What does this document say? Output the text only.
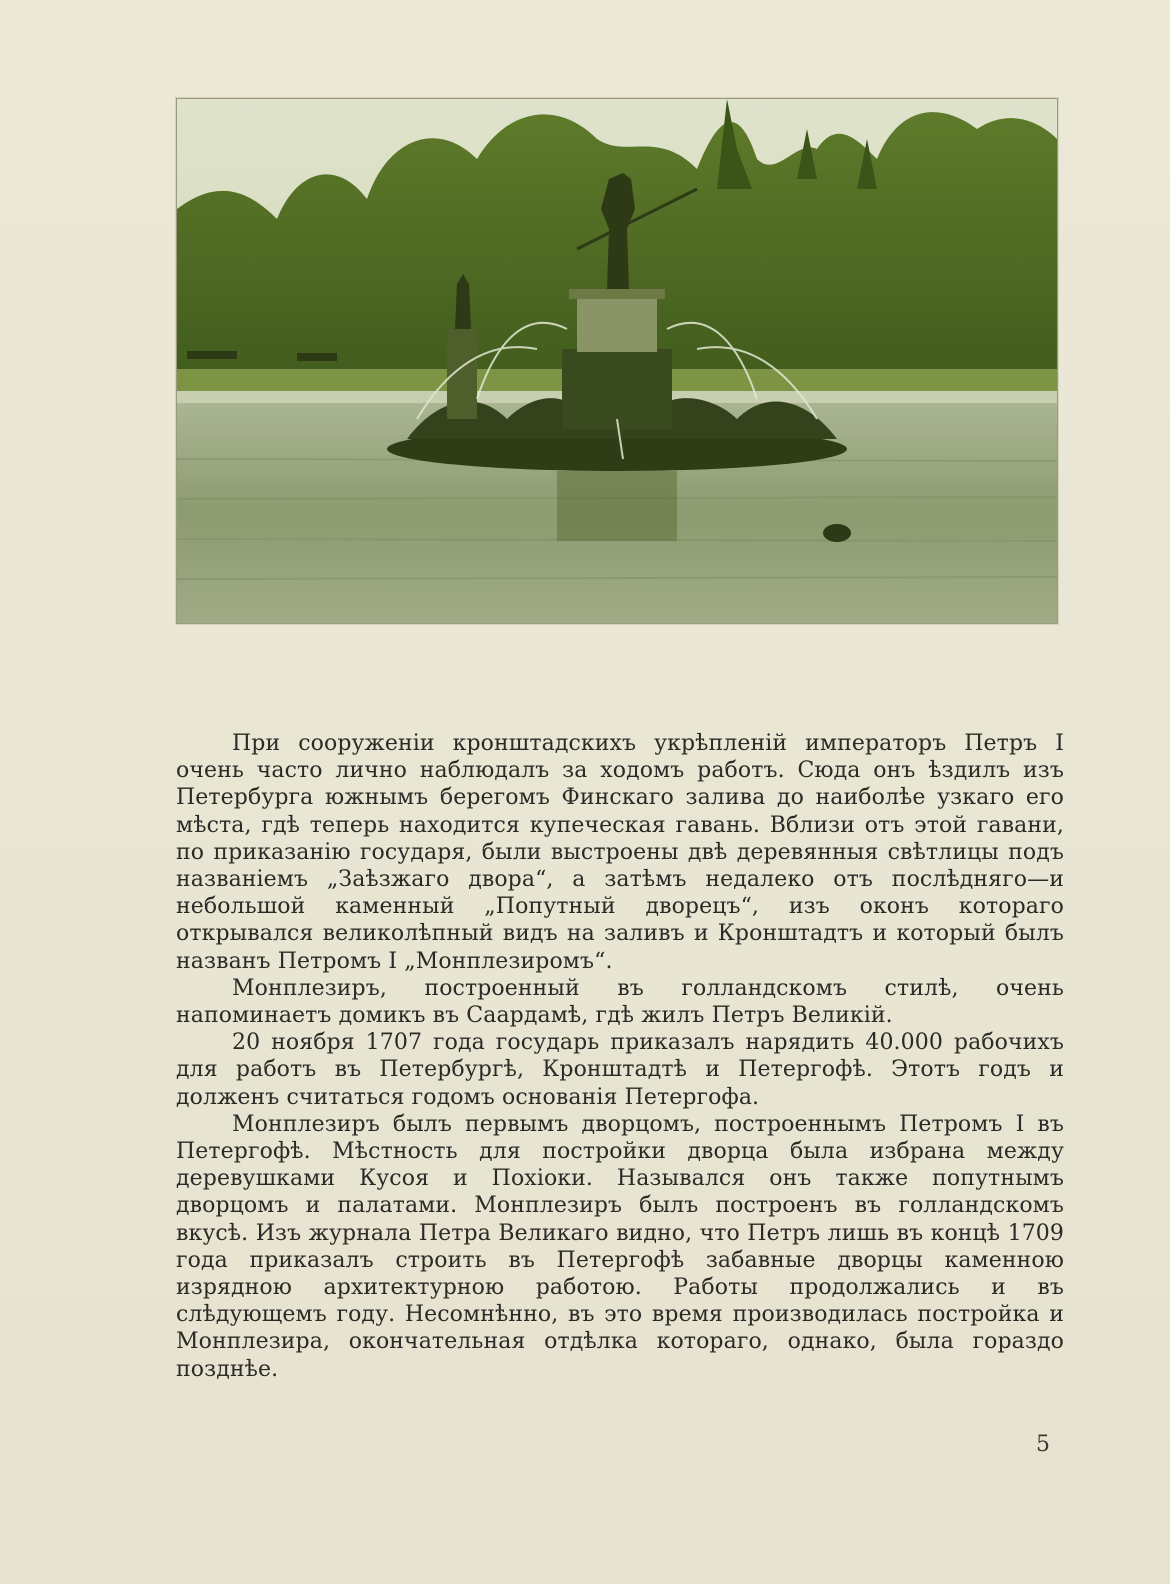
При сооруженіи кронштадскихъ укрѣпленій императоръ Петръ I очень часто лично наблюдалъ за ходомъ работъ. Сюда онъ ѣздилъ изъ Петербурга южнымъ берегомъ Финскаго залива до наиболѣе узкаго его мѣста, гдѣ теперь находится купеческая гавань. Вблизи отъ этой гавани, по приказанію государя, были выстроены двѣ деревянныя свѣтлицы подъ названіемъ „Заѣзжаго двора“, а затѣмъ недалеко отъ послѣдняго—и небольшой каменный „Попутный дворецъ“, изъ оконъ котораго открывался великолѣпный видъ на заливъ и Кронштадтъ и который былъ названъ Петромъ I „Монплезиромъ“.

Монплезиръ, построенный въ голландскомъ стилѣ, очень напоминаетъ домикъ въ Саардамѣ, гдѣ жилъ Петръ Великій.

20 ноября 1707 года государь приказалъ нарядить 40.000 рабочихъ для работъ въ Петербургѣ, Кронштадтѣ и Петергофѣ. Этотъ годъ и долженъ считаться годомъ основанія Петергофа.

Монплезиръ былъ первымъ дворцомъ, построеннымъ Петромъ I въ Петергофѣ. Мѣстность для постройки дворца была избрана между деревушками Кусоя и Похіоки. Назывался онъ также попутнымъ дворцомъ и палатами. Монплезиръ былъ построенъ въ голландскомъ вкусѣ. Изъ журнала Петра Великаго видно, что Петръ лишь въ концѣ 1709 года приказалъ строить въ Петергофѣ забавные дворцы каменною изрядною архитектурною работою. Работы продолжались и въ слѣдующемъ году. Несомнѣнно, въ это время производилась постройка и Монплезира, окончательная отдѣлка котораго, однако, была гораздо позднѣе.

5
